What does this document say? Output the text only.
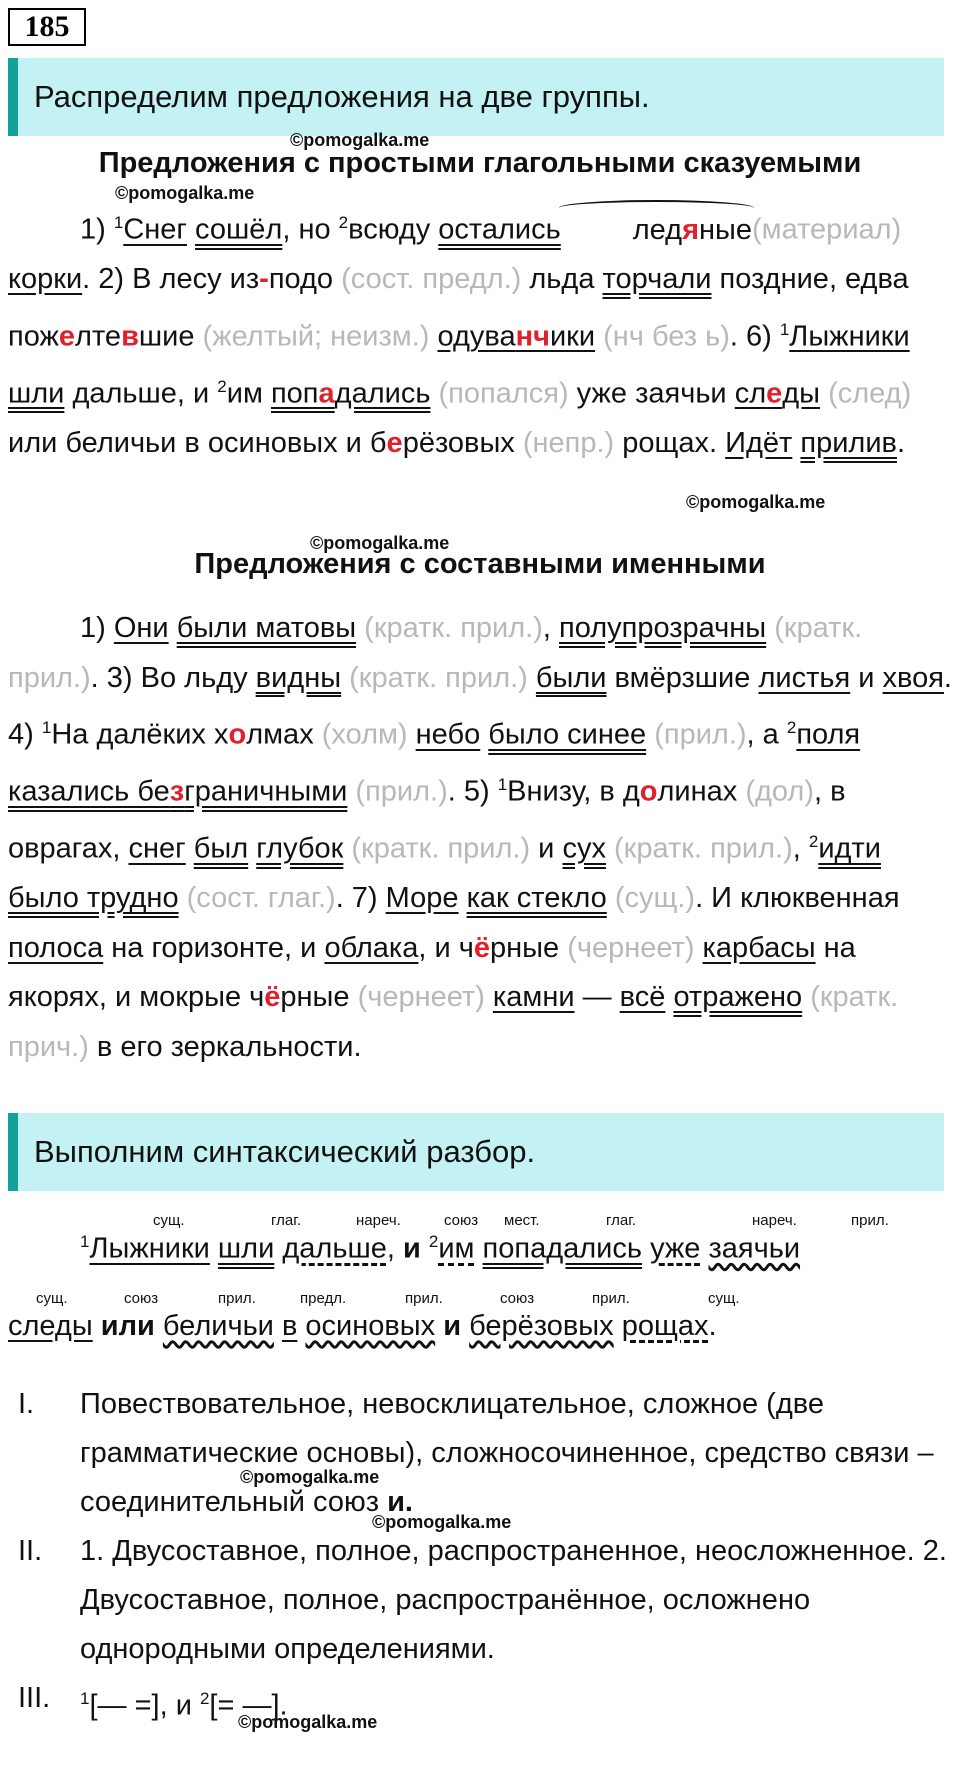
185
Распределим предложения на две группы.
©pomogalka.me
Предложения с простыми глагольными сказуемыми
©pomogalka.me

1) $^1$Снег сошёл, но $^2$всюду осталисьледяные(материал) корки. 2) В лесу из-подо (сост. предл.) льда торчали поздние, едва пожелтевшие (желтый; неизм.) одуванчики (нч без ь). 6) $^1$Лыжники шли дальше, и $^2$им попадались (попался) уже заячьи следы (след) или беличьи в осиновых и берёзовых (непр.) рощах. Идёт прилив.

©pomogalka.me
©pomogalka.me
Предложения с составными именными

1) Они были матовы (кратк. прил.), полупрозрачны (кратк. прил.). 3) Во льду видны (кратк. прил.) были вмёрзшие листья и хвоя. 4) $^1$На далёких холмах (холм) небо было синее (прил.), а $^2$поля казались безграничными (прил.). 5) $^1$Внизу, в долинах (дол), в оврагах, снег был глубок (кратк. прил.) и сух (кратк. прил.), $^2$идти было трудно (сост. глаг.). 7) Море как стекло (сущ.). И клюквенная полоса на горизонте, и облака, и чёрные (чернеет) карбасы на якорях, и мокрые чёрные (чернеет) камни — всё отражено (кратк. прич.) в его зеркальности.

Выполним синтаксический разбор.
сущ.	глаг.	нареч.	союз мест.	глаг.	нареч.	прил.
$^1$Лыжники шли дальше, и $^2$им попадались уже заячьи
сущ.	союз	прил.	предл.	прил.	союз	прил.	сущ.
следы или беличьи в осиновых и берёзовых рощах.
I. Повествовательное, невосклицательное, сложное (две грамматические основы), сложносочиненное, средство связи – соединительный союз и.
II. 1. Двусоставное, полное, распространенное, неосложненное. 2. Двусоставное, полное, распространённое, осложнено однородными определениями.
III. $^1$[— =], и $^2$[= —].
©pomogalka.me
©pomogalka.me
©pomogalka.me
